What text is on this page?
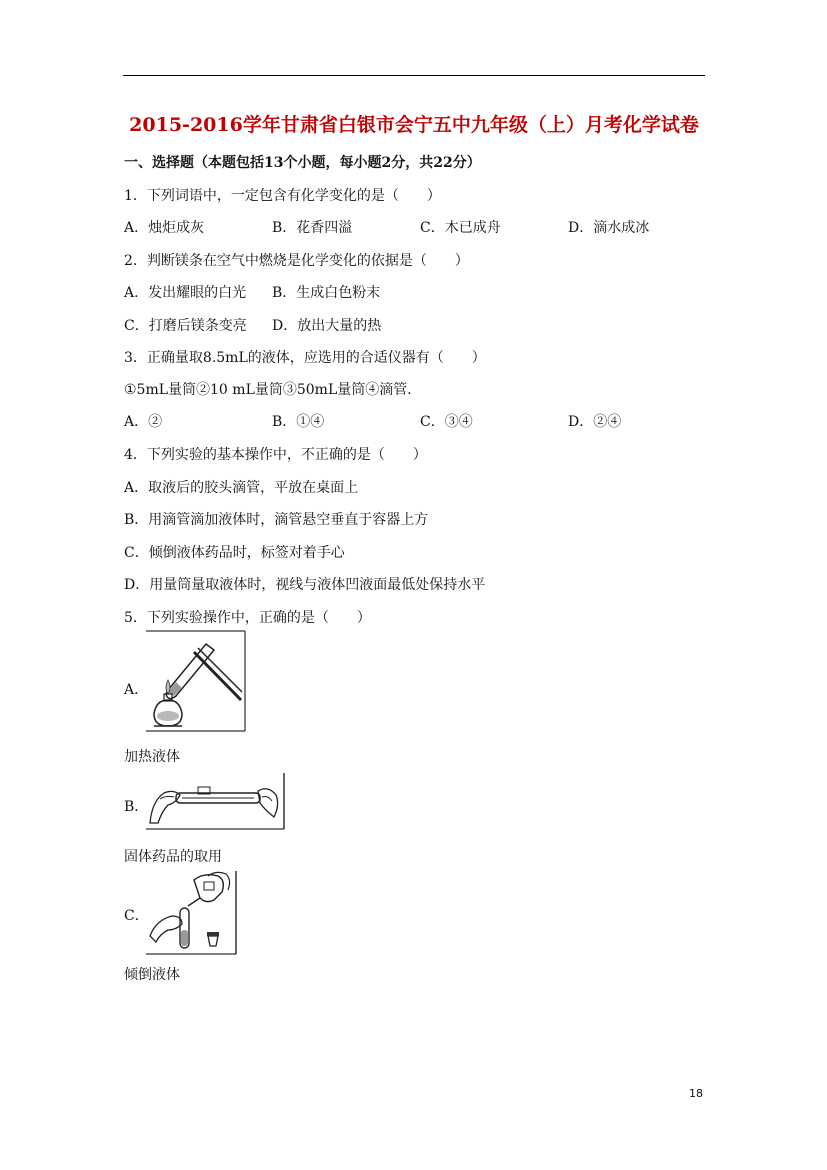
2015-2016学年甘肃省白银市会宁五中九年级（上）月考化学试卷
一、选择题（本题包括13个小题，每小题2分，共22分）
1．下列词语中，一定包含有化学变化的是（　　）
A．烛炬成灰	B．花香四溢	C．木已成舟	D．滴水成冰
2．判断镁条在空气中燃烧是化学变化的依据是（　　）
A．发出耀眼的白光 B．生成白色粉末
C．打磨后镁条变亮 D．放出大量的热
3．正确量取8.5mL的液体，应选用的合适仪器有（　　）
①5mL量筒②10 mL量筒③50mL量筒④滴管．
A．②	B．①④	C．③④	D．②④
4．下列实验的基本操作中，不正确的是（　　）
A．取液后的胶头滴管，平放在桌面上
B．用滴管滴加液体时，滴管悬空垂直于容器上方
C．倾倒液体药品时，标签对着手心
D．用量筒量取液体时，视线与液体凹液面最低处保持水平
5．下列实验操作中，正确的是（　　）
A．
加热液体
B．
固体药品的取用
C．
倾倒液体
18
